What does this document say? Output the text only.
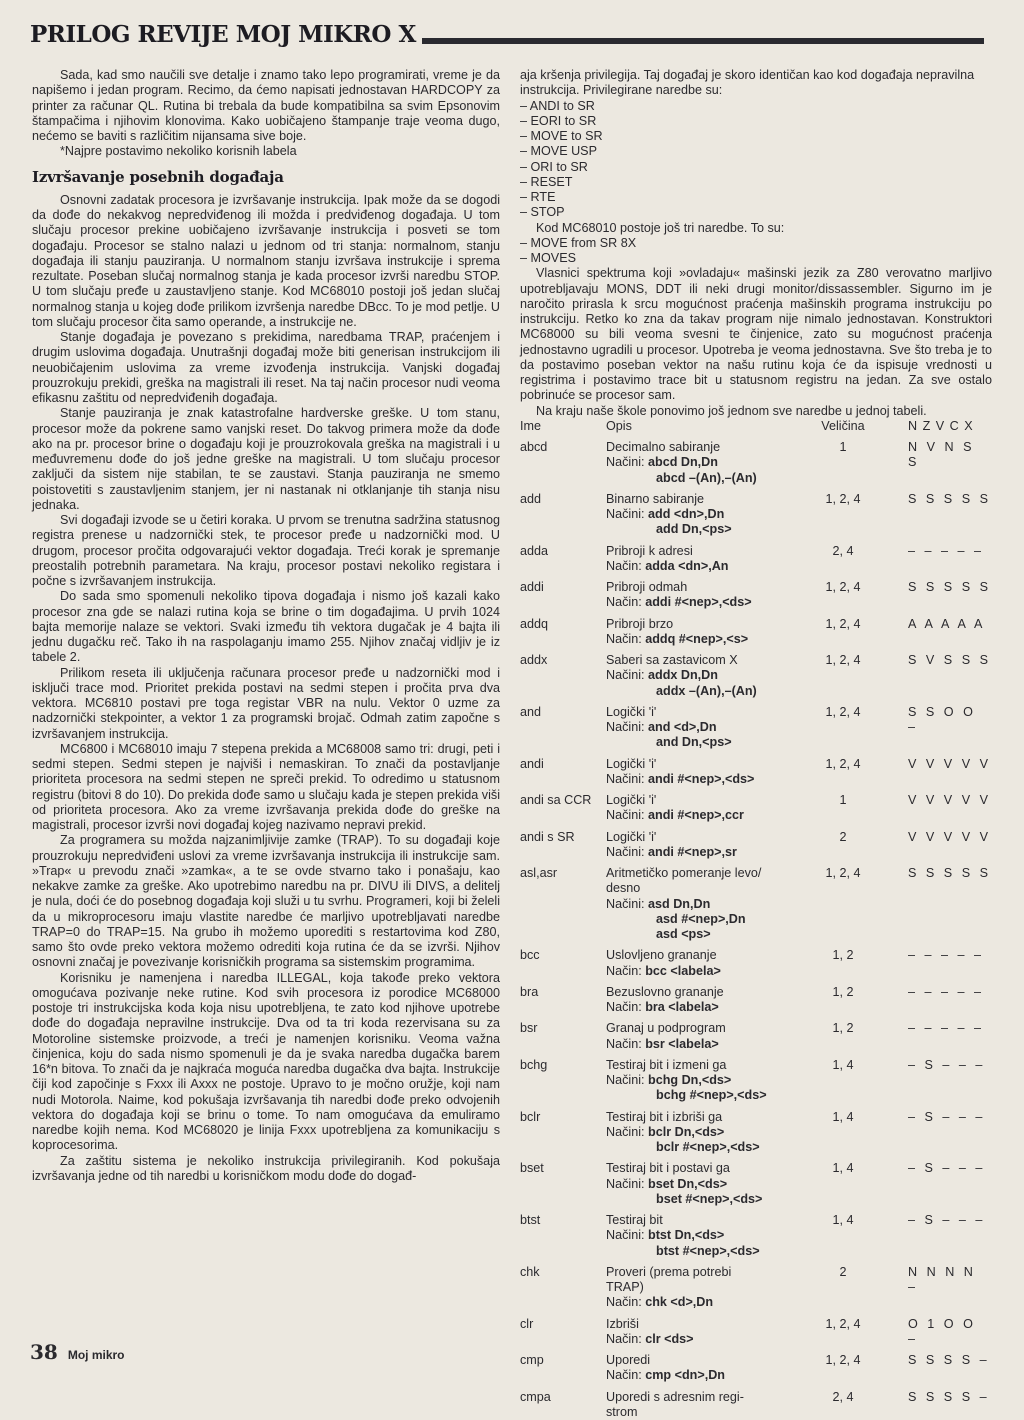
PRILOG REVIJE MOJ MIKRO X

Sada, kad smo naučili sve detalje i znamo tako lepo programirati, vreme je da napišemo i jedan program. Recimo, da ćemo napisati jednostavan HARDCOPY za printer za računar QL. Rutina bi trebala da bude kompatibilna sa svim Epsonovim štampačima i njihovim klonovima. Kako uobičajeno štampanje traje veoma dugo, nećemo se baviti s različitim nijansama sive boje.

*Najpre postavimo nekoliko korisnih labela

Izvršavanje posebnih događaja

Osnovni zadatak procesora je izvršavanje instrukcija. Ipak može da se dogodi da dođe do nekakvog nepredviđenog ili možda i predviđenog događaja. U tom slučaju procesor prekine uobičajeno izvršavanje instrukcija i posveti se tom događaju. Procesor se stalno nalazi u jednom od tri stanja: normalnom, stanju događaja ili stanju pauziranja. U normalnom stanju izvršava instrukcije i sprema rezultate. Poseban slučaj normalnog stanja je kada procesor izvrši naredbu STOP. U tom slučaju pređe u zaustavljeno stanje. Kod MC68010 postoji još jedan slučaj normalnog stanja u kojeg dođe prilikom izvršenja naredbe DBcc. To je mod petlje. U tom slučaju procesor čita samo operande, a instrukcije ne.

Stanje događaja je povezano s prekidima, naredbama TRAP, praćenjem i drugim uslovima događaja. Unutrašnji događaj može biti generisan instrukcijom ili neuobičajenim uslovima za vreme izvođenja instrukcija. Vanjski događaj prouzrokuju prekidi, greška na magistrali ili reset. Na taj način procesor nudi veoma efikasnu zaštitu od nepredviđenih događaja.

Stanje pauziranja je znak katastrofalne hardverske greške. U tom stanu, procesor može da pokrene samo vanjski reset. Do takvog primera može da dođe ako na pr. procesor brine o događaju koji je prouzrokovala greška na magistrali i u međuvremenu dođe do još jedne greške na magistrali. U tom slučaju procesor zaključi da sistem nije stabilan, te se zaustavi. Stanja pauziranja ne smemo poistovetiti s zaustavljenim stanjem, jer ni nastanak ni otklanjanje tih stanja nisu jednaka.

Svi događaji izvode se u četiri koraka. U prvom se trenutna sadržina statusnog registra prenese u nadzornički stek, te procesor pređe u nadzornički mod. U drugom, procesor pročita odgovarajući vektor događaja. Treći korak je spremanje preostalih potrebnih parametara. Na kraju, procesor postavi nekoliko registara i počne s izvršavanjem instrukcija.

Do sada smo spomenuli nekoliko tipova događaja i nismo još kazali kako procesor zna gde se nalazi rutina koja se brine o tim događajima. U prvih 1024 bajta memorije nalaze se vektori. Svaki između tih vektora dugačak je 4 bajta ili jednu dugačku reč. Tako ih na raspolaganju imamo 255. Njihov značaj vidljiv je iz tabele 2.

Prilikom reseta ili uključenja računara procesor pređe u nadzornički mod i isključi trace mod. Prioritet prekida postavi na sedmi stepen i pročita prva dva vektora. MC6810 postavi pre toga registar VBR na nulu. Vektor 0 uzme za nadzornički stekpointer, a vektor 1 za programski brojač. Odmah zatim započne s izvršavanjem instrukcija.

MC6800 i MC68010 imaju 7 stepena prekida a MC68008 samo tri: drugi, peti i sedmi stepen. Sedmi stepen je najviši i nemaskiran. To znači da postavljanje prioriteta procesora na sedmi stepen ne spreči prekid. To odredimo u statusnom registru (bitovi 8 do 10). Do prekida dođe samo u slučaju kada je stepen prekida viši od prioriteta procesora. Ako za vreme izvršavanja prekida dođe do greške na magistrali, procesor izvrši novi događaj kojeg nazivamo nepravi prekid.

Za programera su možda najzanimljivije zamke (TRAP). To su događaji koje prouzrokuju nepredviđeni uslovi za vreme izvršavanja instrukcija ili instrukcije sam. »Trap« u prevodu znači »zamka«, a te se ovde stvarno tako i ponašaju, kao nekakve zamke za greške. Ako upotrebimo naredbu na pr. DIVU ili DIVS, a delitelj je nula, doći će do posebnog događaja koji služi u tu svrhu. Programeri, koji bi želeli da u mikroprocesoru imaju vlastite naredbe će marljivo upotrebljavati naredbe TRAP=0 do TRAP=15. Na grubo ih možemo uporediti s restartovima kod Z80, samo što ovde preko vektora možemo odrediti koja rutina će da se izvrši. Njihov osnovni značaj je povezivanje korisničkih programa sa sistemskim programima.

Korisniku je namenjena i naredba ILLEGAL, koja takođe preko vektora omogućava pozivanje neke rutine. Kod svih procesora iz porodice MC68000 postoje tri instrukcijska koda koja nisu upotrebljena, te zato kod njihove upotrebe dođe do događaja nepravilne instrukcije. Dva od ta tri koda rezervisana su za Motoroline sistemske proizvode, a treći je namenjen korisniku. Veoma važna činjenica, koju do sada nismo spomenuli je da je svaka naredba dugačka barem 16*n bitova. To znači da je najkraća moguća naredba dugačka dva bajta. Instrukcije čiji kod započinje s Fxxx ili Axxx ne postoje. Upravo to je močno oružje, koji nam nudi Motorola. Naime, kod pokušaja izvršavanja tih naredbi dođe preko odvojenih vektora do događaja koji se brinu o tome. To nam omogućava da emuliramo naredbe kojih nema. Kod MC68020 je linija Fxxx upotrebljena za komunikaciju s koprocesorima.

Za zaštitu sistema je nekoliko instrukcija privilegiranih. Kod pokušaja izvršavanja jedne od tih naredbi u korisničkom modu dođe do događ-

aja kršenja privilegija. Taj događaj je skoro identičan kao kod događaja nepravilna instrukcija. Privilegirane naredbe su:

– ANDI to SR
– EORI to SR
– MOVE to SR
– MOVE USP
– ORI to SR
– RESET
– RTE
– STOP

Kod MC68010 postoje još tri naredbe. To su:

– MOVE from SR 8X
– MOVES

Vlasnici spektruma koji »ovladaju« mašinski jezik za Z80 verovatno marljivo upotrebljavaju MONS, DDT ili neki drugi monitor/dissassembler. Sigurno im je naročito prirasla k srcu mogućnost praćenja mašinskih programa instrukciju po instrukciju. Retko ko zna da takav program nije nimalo jednostavan. Konstruktori MC68000 su bili veoma svesni te činjenice, zato su mogućnost praćenja jednostavno ugradili u procesor. Upotreba je veoma jednostavna. Sve što treba je to da postavimo poseban vektor na našu rutinu koja će da ispisuje vrednosti u registrima i postavimo trace bit u statusnom registru na jedan. Za sve ostalo pobrinuće se procesor sam.

Na kraju naše škole ponovimo još jednom sve naredbe u jednoj tabeli.

Ime	Opis	Veličina	N Z V C X
abcd	Decimalno sabiranje
Načini: abcd Dn,Dn
abcd –(An),–(An)
1	N V N S S
add	Binarno sabiranje
Načini: add <dn>,Dn
add Dn,<ps>
1, 2, 4	S S S S S
adda	Pribroji k adresi
Način: adda <dn>,An
2, 4	– – – – –
addi	Pribroji odmah
Način: addi #<nep>,<ds>
1, 2, 4	S S S S S
addq	Pribroji brzo
Način: addq #<nep>,<s>
1, 2, 4	A A A A A
addx	Saberi sa zastavicom X
Načini: addx Dn,Dn
addx –(An),–(An)
1, 2, 4	S V S S S
and	Logički 'i'
Načini: and <d>,Dn
and Dn,<ps>
1, 2, 4	S S O O –
andi	Logički 'i'
Načini: andi #<nep>,<ds>
1, 2, 4	V V V V V
andi sa CCR	Logički 'i'
Načini: andi #<nep>,ccr
1	V V V V V
andi s SR	Logički 'i'
Načini: andi #<nep>,sr
2	V V V V V
asl,asr	Aritmetičko pomeranje levo/
desno
Načini: asd Dn,Dn
asd #<nep>,Dn
asd <ps>
1, 2, 4	S S S S S
bcc	Uslovljeno grananje
Način: bcc <labela>
1, 2	– – – – –
bra	Bezuslovno grananje
Način: bra <labela>
1, 2	– – – – –
bsr	Granaj u podprogram
Način: bsr <labela>
1, 2	– – – – –
bchg	Testiraj bit i izmeni ga
Načini: bchg Dn,<ds>
bchg #<nep>,<ds>
1, 4	– S – – –
bclr	Testiraj bit i izbriši ga
Načini: bclr Dn,<ds>
bclr #<nep>,<ds>
1, 4	– S – – –
bset	Testiraj bit i postavi ga
Načini: bset Dn,<ds>
bset #<nep>,<ds>
1, 4	– S – – –
btst	Testiraj bit
Načini: btst Dn,<ds>
btst #<nep>,<ds>
1, 4	– S – – –
chk	Proveri (prema potrebi
TRAP)
Način: chk <d>,Dn
2	N N N N –
clr	Izbriši
Način: clr <ds>
1, 2, 4	O 1 O O –
cmp	Uporedi
Način: cmp <dn>,Dn
1, 2, 4	S S S S –
cmpa	Uporedi s adresnim regi-
strom
2, 4	S S S S –
38 Moj mikro
